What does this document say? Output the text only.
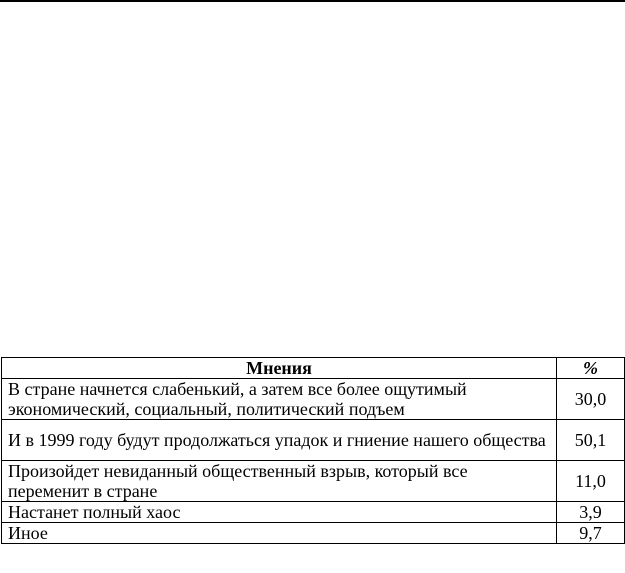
Мнения	%
В стране начнется слабенький, а затем все более ощутимый экономический, социальный, политический подъем	30,0
И в 1999 году будут продолжаться упадок и гниение нашего общества	50,1
Произойдет невиданный общественный взрыв, который все переменит в стране	11,0
Настанет полный хаос	3,9
Иное	9,7
